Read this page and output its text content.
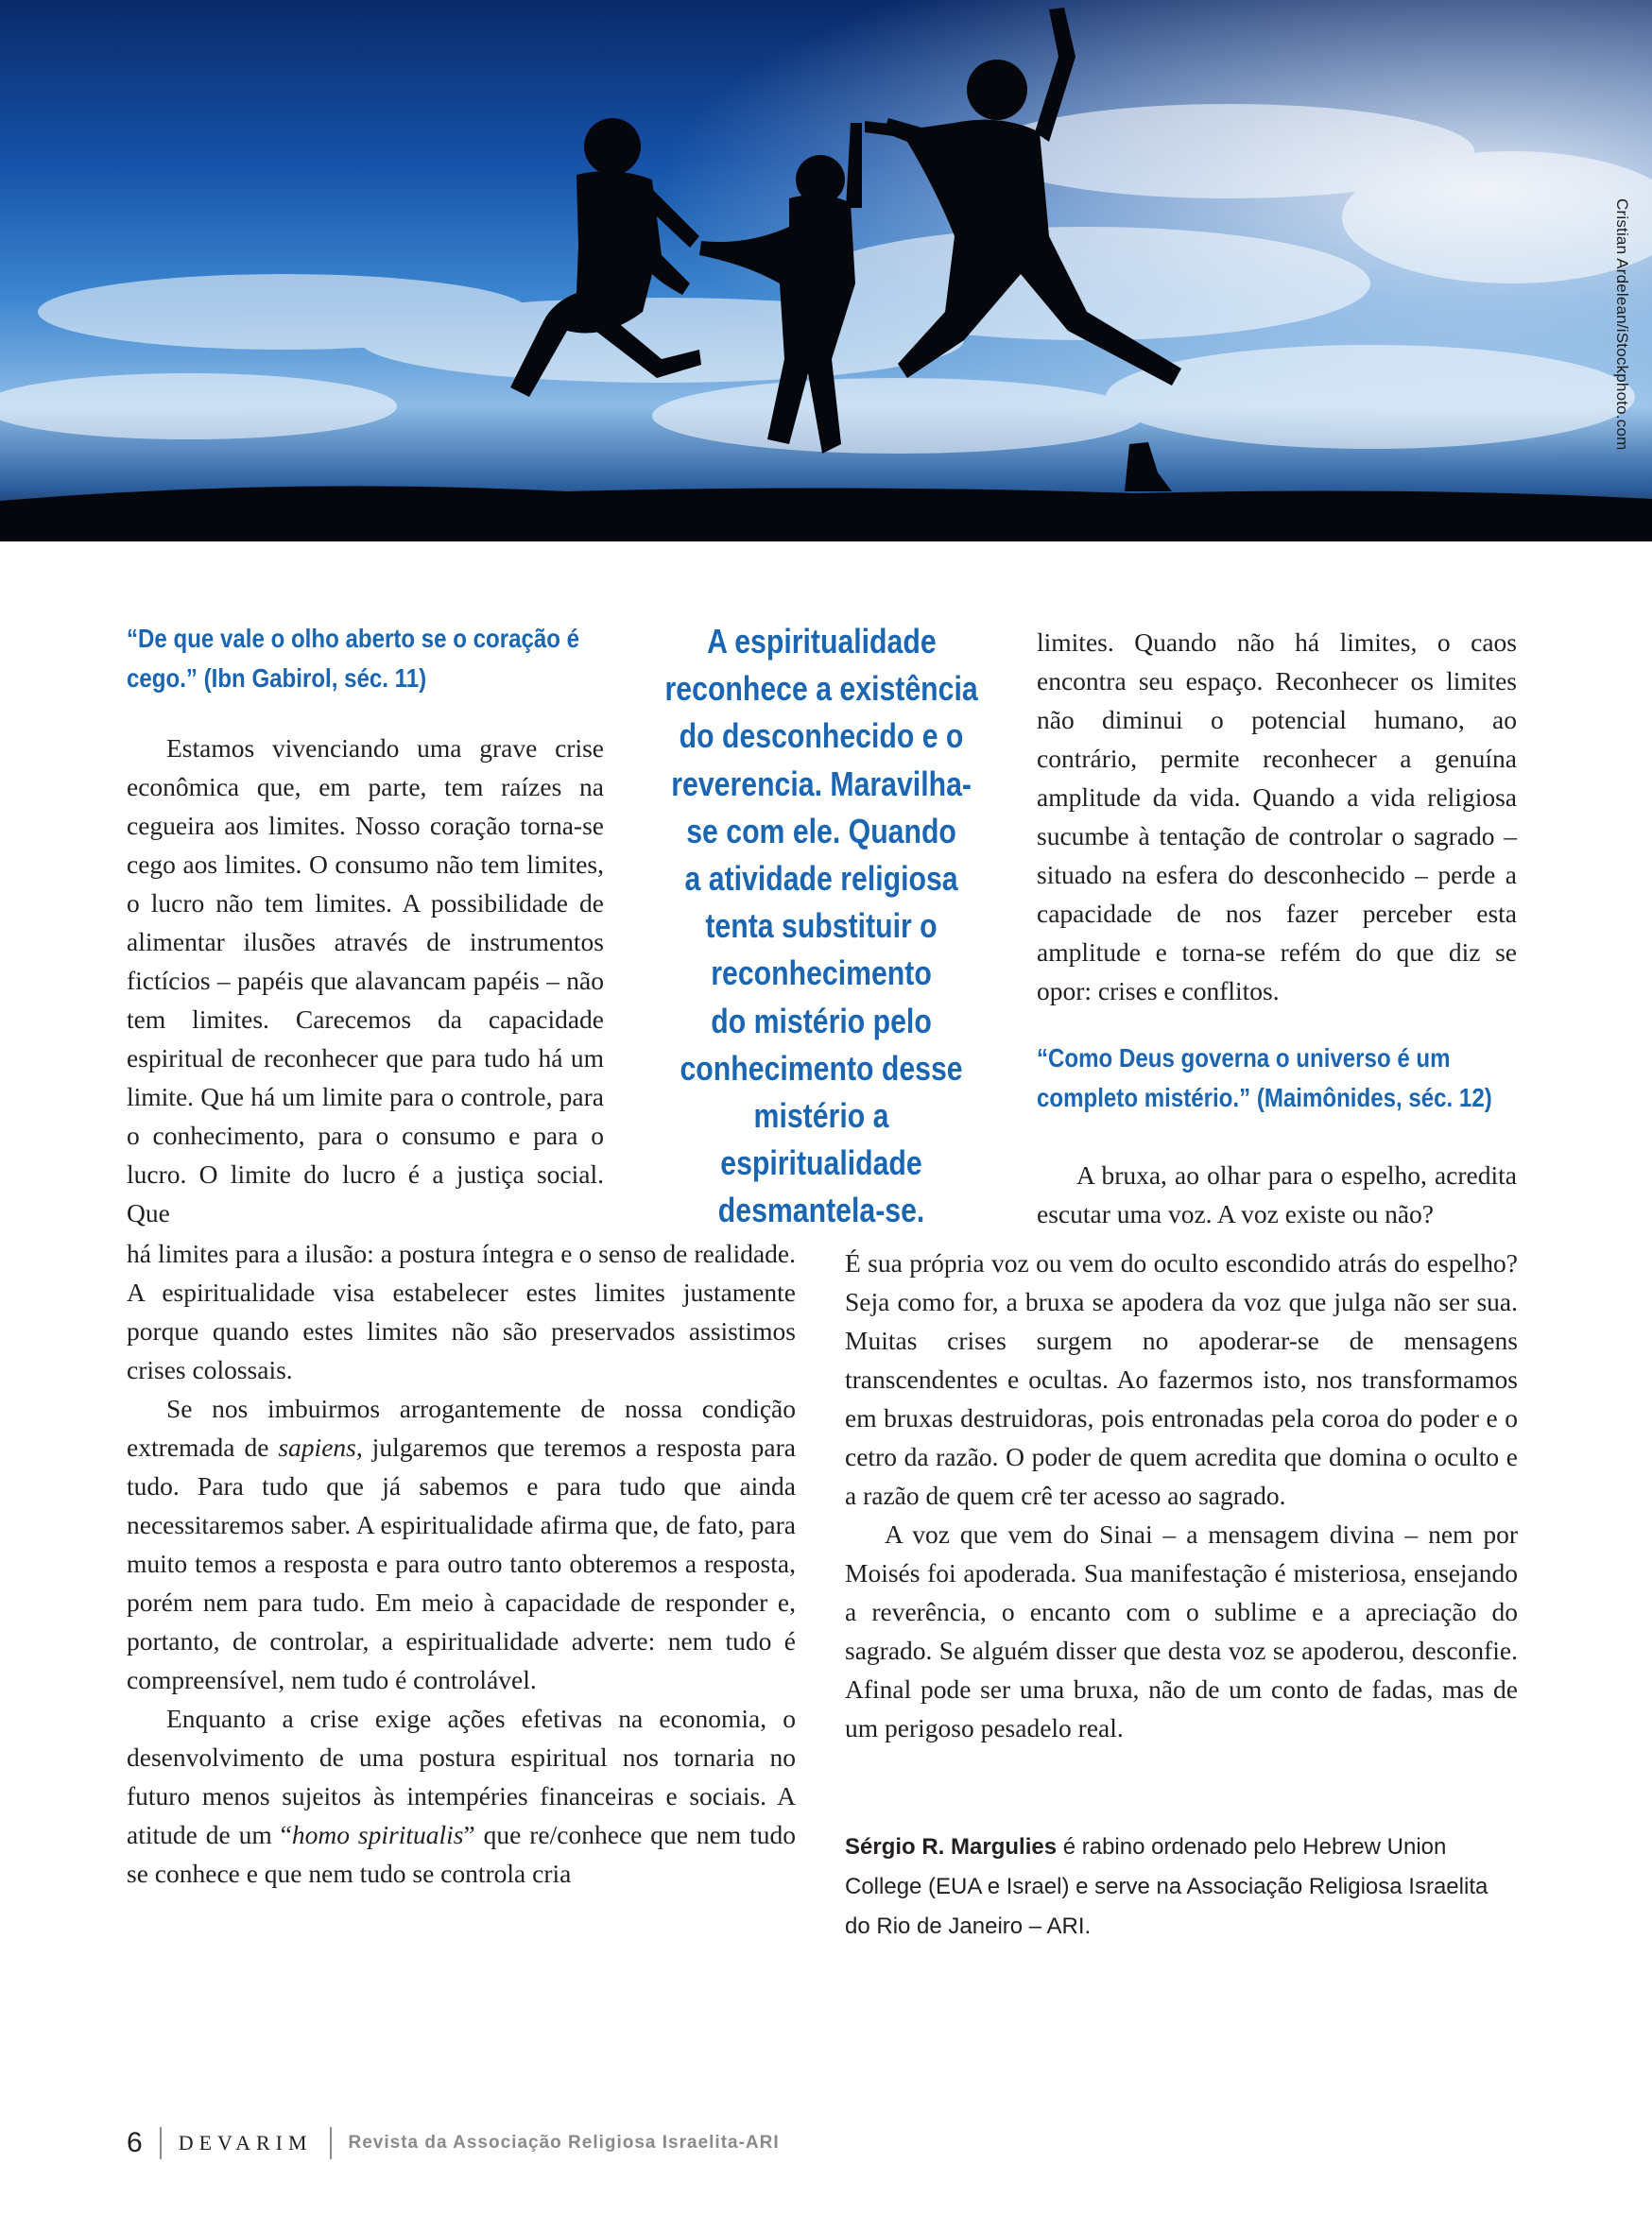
Cristian Ardelean/iStockphoto.com
“De que vale o olho aberto se o coração é cego.” (Ibn Gabirol, séc. 11)

Estamos vivenciando uma grave crise econômica que, em parte, tem raízes na cegueira aos limites. Nosso coração torna-se cego aos limites. O consumo não tem limites, o lucro não tem limites. A possibilidade de alimentar ilusões através de instrumentos fictícios – papéis que alavancam papéis – não tem limites. Carecemos da capacidade espiritual de reconhecer que para tudo há um limite. Que há um limite para o controle, para o conhecimento, para o consumo e para o lucro. O limite do lucro é a justiça social. Que

A espiritualidade
reconhece a existência
do desconhecido e o
reverencia. Maravilha-
se com ele. Quando
a atividade religiosa
tenta substituir o
reconhecimento
do mistério pelo
conhecimento desse
mistério a espiritualidade
desmantela-se.

há limites para a ilusão: a postura íntegra e o senso de realidade. A espiritualidade visa estabelecer estes limites justamente porque quando estes limites não são preservados assistimos crises colossais.

Se nos imbuirmos arrogantemente de nossa condição extremada de sapiens, julgaremos que teremos a resposta para tudo. Para tudo que já sabemos e para tudo que ainda necessitaremos saber. A espiritualidade afirma que, de fato, para muito temos a resposta e para outro tanto obteremos a resposta, porém nem para tudo. Em meio à capacidade de responder e, portanto, de controlar, a espiritualidade adverte: nem tudo é compreensível, nem tudo é controlável.

Enquanto a crise exige ações efetivas na economia, o desenvolvimento de uma postura espiritual nos tornaria no futuro menos sujeitos às intempéries financeiras e sociais. A atitude de um “homo spiritualis” que re/conhece que nem tudo se conhece e que nem tudo se controla cria

limites. Quando não há limites, o caos encontra seu espaço. Reconhecer os limites não diminui o potencial humano, ao contrário, permite reconhecer a genuína amplitude da vida. Quando a vida religiosa sucumbe à tentação de controlar o sagrado – situado na esfera do desconhecido – perde a capacidade de nos fazer perceber esta amplitude e torna-se refém do que diz se opor: crises e conflitos.

“Como Deus governa o universo é um completo mistério.” (Maimônides, séc. 12)

A bruxa, ao olhar para o espelho, acredita escutar uma voz. A voz existe ou não?

É sua própria voz ou vem do oculto escondido atrás do espelho? Seja como for, a bruxa se apodera da voz que julga não ser sua. Muitas crises surgem no apoderar-se de mensagens transcendentes e ocultas. Ao fazermos isto, nos transformamos em bruxas destruidoras, pois entronadas pela coroa do poder e o cetro da razão. O poder de quem acredita que domina o oculto e a razão de quem crê ter acesso ao sagrado.

A voz que vem do Sinai – a mensagem divina – nem por Moisés foi apoderada. Sua manifestação é misteriosa, ensejando a reverência, o encanto com o sublime e a apreciação do sagrado. Se alguém disser que desta voz se apoderou, desconfie. Afinal pode ser uma bruxa, não de um conto de fadas, mas de um perigoso pesadelo real.

Sérgio R. Margulies é rabino ordenado pelo Hebrew Union College (EUA e Israel) e serve na Associação Religiosa Israelita do Rio de Janeiro – ARI.
6 DEVARIM Revista da Associação Religiosa Israelita-ARI
